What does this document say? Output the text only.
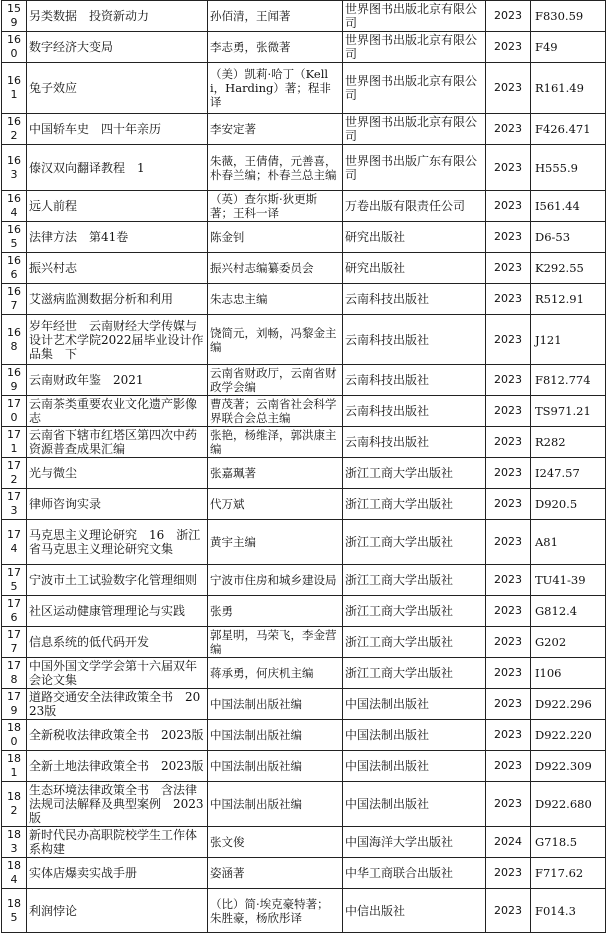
159	另类数据　投资新动力	孙佰清，王闻著	世界图书出版北京有限公司	2023	F830.59
160	数字经济大变局	李志勇，张微著	世界图书出版北京有限公司	2023	F49
161	兔子效应	（美）凯莉·哈丁（Kelli，Harding）著；程非译	世界图书出版北京有限公司	2023	R161.49
162	中国轿车史　四十年亲历	李安定著	世界图书出版北京有限公司	2023	F426.471
163	傣汉双向翻译教程　1	朱薇，王倩倩，元善喜，朴春兰编；朴春兰总主编	世界图书出版广东有限公司	2023	H555.9
164	远人前程	（英）查尔斯·狄更斯著；王科一译	万卷出版有限责任公司	2023	I561.44
165	法律方法　第41卷	陈金钊	研究出版社	2023	D6-53
166	振兴村志	振兴村志编纂委员会	研究出版社	2023	K292.55
167	艾滋病监测数据分析和利用	朱志忠主编	云南科技出版社	2023	R512.91
168	岁年经世　云南财经大学传媒与设计艺术学院2022届毕业设计作品集　下	饶简元，刘畅，冯黎金主编	云南科技出版社	2023	J121
169	云南财政年鉴　2021	云南省财政厅，云南省财政学会编	云南科技出版社	2023	F812.774
170	云南茶类重要农业文化遗产影像志	曹茂著；云南省社会科学界联合会总主编	云南科技出版社	2023	TS971.21
171	云南省下辖市红塔区第四次中药资源普查成果汇编	张艳，杨维泽，郭洪康主编	云南科技出版社	2023	R282
172	光与微尘	张嘉珮著	浙江工商大学出版社	2023	I247.57
173	律师咨询实录	代万斌	浙江工商大学出版社	2023	D920.5
174	马克思主义理论研究　16　浙江省马克思主义理论研究文集	黄宇主编	浙江工商大学出版社	2023	A81
175	宁波市土工试验数字化管理细则	宁波市住房和城乡建设局	浙江工商大学出版社	2023	TU41-39
176	社区运动健康管理理论与实践	张勇	浙江工商大学出版社	2023	G812.4
177	信息系统的低代码开发	郭星明，马荣飞，李金营编	浙江工商大学出版社	2023	G202
178	中国外国文学学会第十六届双年会论文集	蒋承勇，何庆机主编	浙江工商大学出版社	2023	I106
179	道路交通安全法律政策全书　2023版	中国法制出版社编	中国法制出版社	2023	D922.296
180	全新税收法律政策全书　2023版	中国法制出版社编	中国法制出版社	2023	D922.220
181	全新土地法律政策全书　2023版	中国法制出版社编	中国法制出版社	2023	D922.309
182	生态环境法律政策全书　含法律法规司法解释及典型案例　2023版	中国法制出版社编	中国法制出版社	2023	D922.680
183	新时代民办高职院校学生工作体系构建	张文俊	中国海洋大学出版社	2024	G718.5
184	实体店爆卖实战手册	姿涵著	中华工商联合出版社	2023	F717.62
185	利润悖论	（比）简·埃克豪特著；朱胜豪，杨欣彤译	中信出版社	2023	F014.3
